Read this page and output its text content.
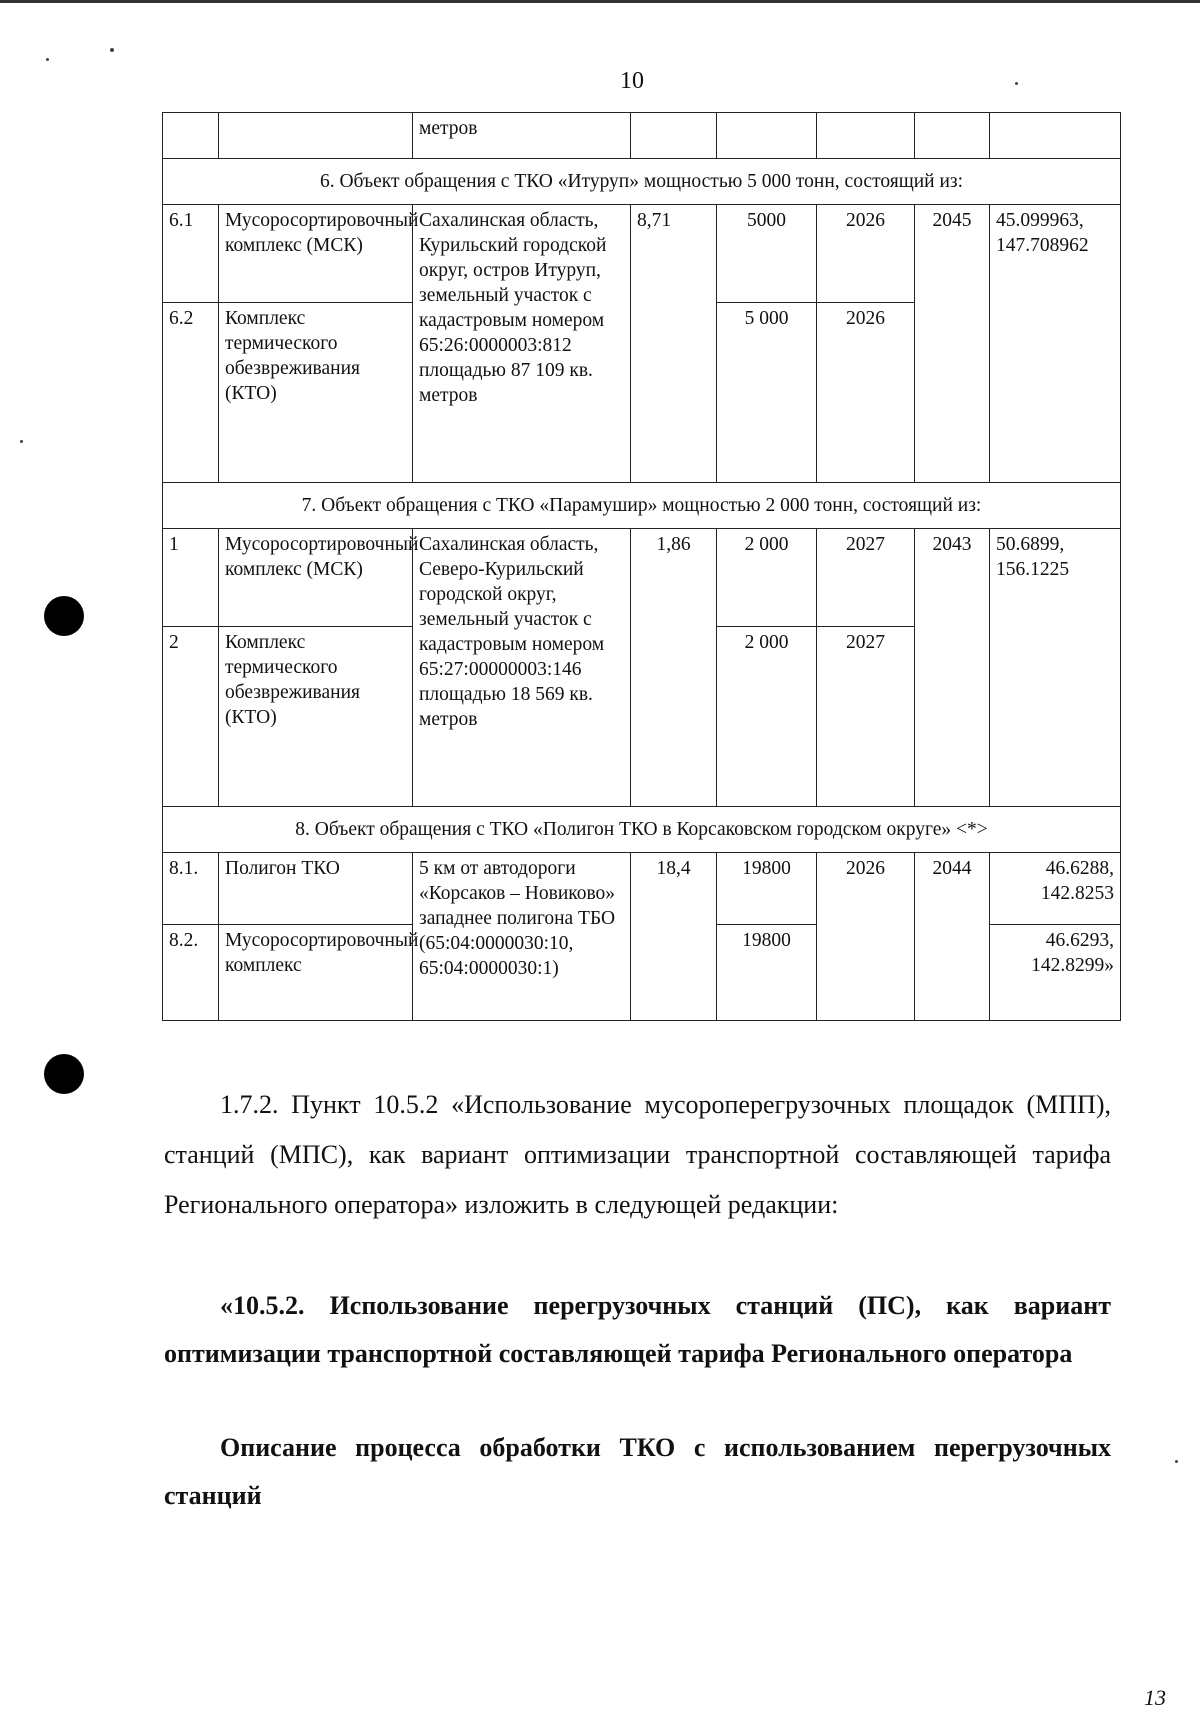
10
		метров					
6. Объект обращения с ТКО «Итуруп» мощностью 5 000 тонн, состоящий из:							
6.1	Мусоросортировочный комплекс (МСК)	Сахалинская область, Курильский городской округ, остров Итуруп, земельный участок с кадастровым номером 65:26:0000003:812 площадью 87 109 кв. метров	8,71	5000	2026	2045	45.099963, 147.708962
6.2	Комплекс термического обезвреживания (КТО)			5 000	2026		
7. Объект обращения с ТКО «Парамушир» мощностью 2 000 тонн, состоящий из:							
1	Мусоросортировочный комплекс (МСК)	Сахалинская область, Северо-Курильский городской округ, земельный участок с кадастровым номером 65:27:00000003:146 площадью 18 569 кв. метров	1,86	2 000	2027	2043	50.6899, 156.1225
2	Комплекс термического обезвреживания (КТО)			2 000	2027		
8. Объект обращения с ТКО «Полигон ТКО в Корсаковском городском округе» <*>							
8.1.	Полигон ТКО	5 км от автодороги «Корсаков – Новиково» западнее полигона ТБО (65:04:0000030:10, 65:04:0000030:1)	18,4	19800	2026	2044	46.6288, 142.8253
8.2.	Мусоросортировочный комплекс			19800			46.6293, 142.8299»
1.7.2. Пункт 10.5.2 «Использование мусороперегрузочных площадок (МПП), станций (МПС), как вариант оптимизации транспортной составляющей тарифа Регионального оператора» изложить в следующей редакции:
«10.5.2. Использование перегрузочных станций (ПС), как вариант оптимизации транспортной составляющей тарифа Регионального оператора
Описание процесса обработки ТКО с использованием перегрузочных станций
13
